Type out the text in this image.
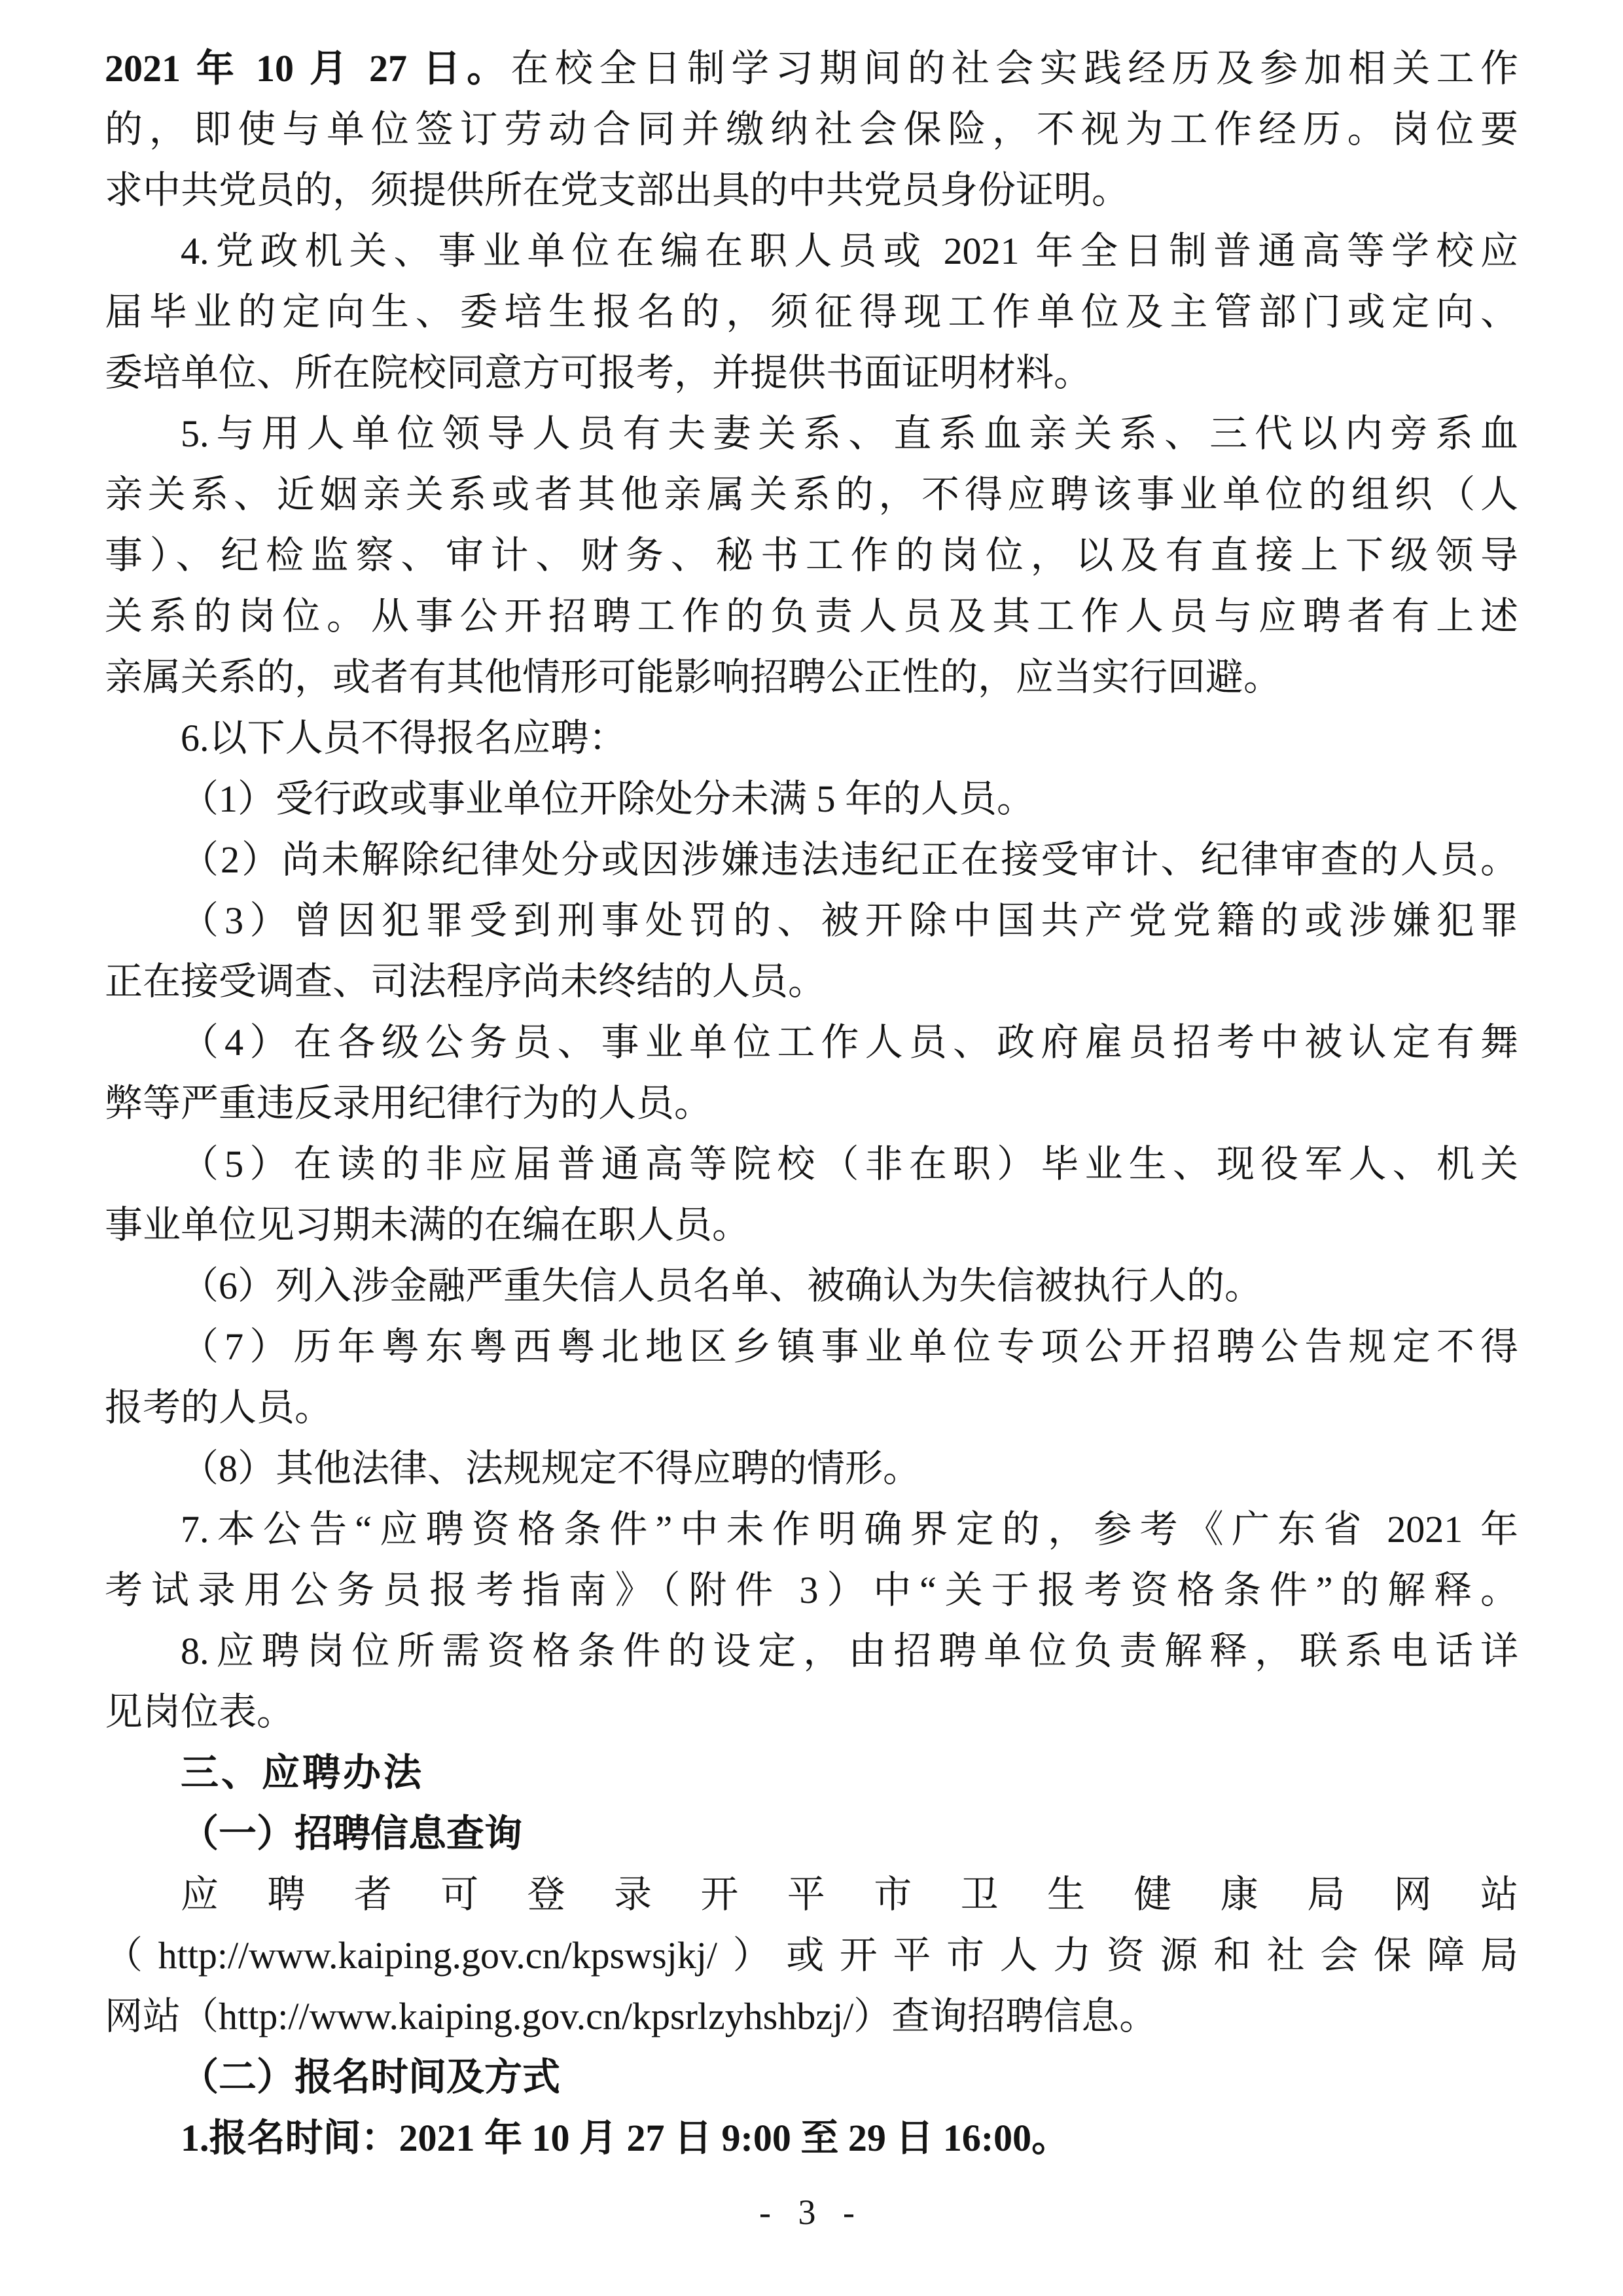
2021 年 10 月 27 日。在校全日制学习期间的社会实践经历及参加相关工作
的，即使与单位签订劳动合同并缴纳社会保险，不视为工作经历。岗位要
求中共党员的，须提供所在党支部出具的中共党员身份证明。
4.党政机关、事业单位在编在职人员或 2021 年全日制普通高等学校应
届毕业的定向生、委培生报名的，须征得现工作单位及主管部门或定向、
委培单位、所在院校同意方可报考，并提供书面证明材料。
5.与用人单位领导人员有夫妻关系、直系血亲关系、三代以内旁系血
亲关系、近姻亲关系或者其他亲属关系的，不得应聘该事业单位的组织（人
事）、纪检监察、审计、财务、秘书工作的岗位，以及有直接上下级领导
关系的岗位。从事公开招聘工作的负责人员及其工作人员与应聘者有上述
亲属关系的，或者有其他情形可能影响招聘公正性的，应当实行回避。
6.以下人员不得报名应聘：
（1）受行政或事业单位开除处分未满 5 年的人员。
（2）尚未解除纪律处分或因涉嫌违法违纪正在接受审计、纪律审查的人员。
（3）曾因犯罪受到刑事处罚的、被开除中国共产党党籍的或涉嫌犯罪
正在接受调查、司法程序尚未终结的人员。
（4）在各级公务员、事业单位工作人员、政府雇员招考中被认定有舞
弊等严重违反录用纪律行为的人员。
（5）在读的非应届普通高等院校（非在职）毕业生、现役军人、机关
事业单位见习期未满的在编在职人员。
（6）列入涉金融严重失信人员名单、被确认为失信被执行人的。
（7）历年粤东粤西粤北地区乡镇事业单位专项公开招聘公告规定不得
报考的人员。
（8）其他法律、法规规定不得应聘的情形。
7.本公告“应聘资格条件”中未作明确界定的，参考《广东省 2021 年
考试录用公务员报考指南》（附件 3）中“关于报考资格条件”的解释。
8.应聘岗位所需资格条件的设定，由招聘单位负责解释，联系电话详
见岗位表。
三、应聘办法
（一）招聘信息查询
应聘者可登录开平市卫生健康局网站
（http://www.kaiping.gov.cn/kpswsjkj/）或开平市人力资源和社会保障局
网站（http://www.kaiping.gov.cn/kpsrlzyhshbzj/）查询招聘信息。
（二）报名时间及方式
1.报名时间：2021 年 10 月 27 日 9:00 至 29 日 16:00。
- 3 -
